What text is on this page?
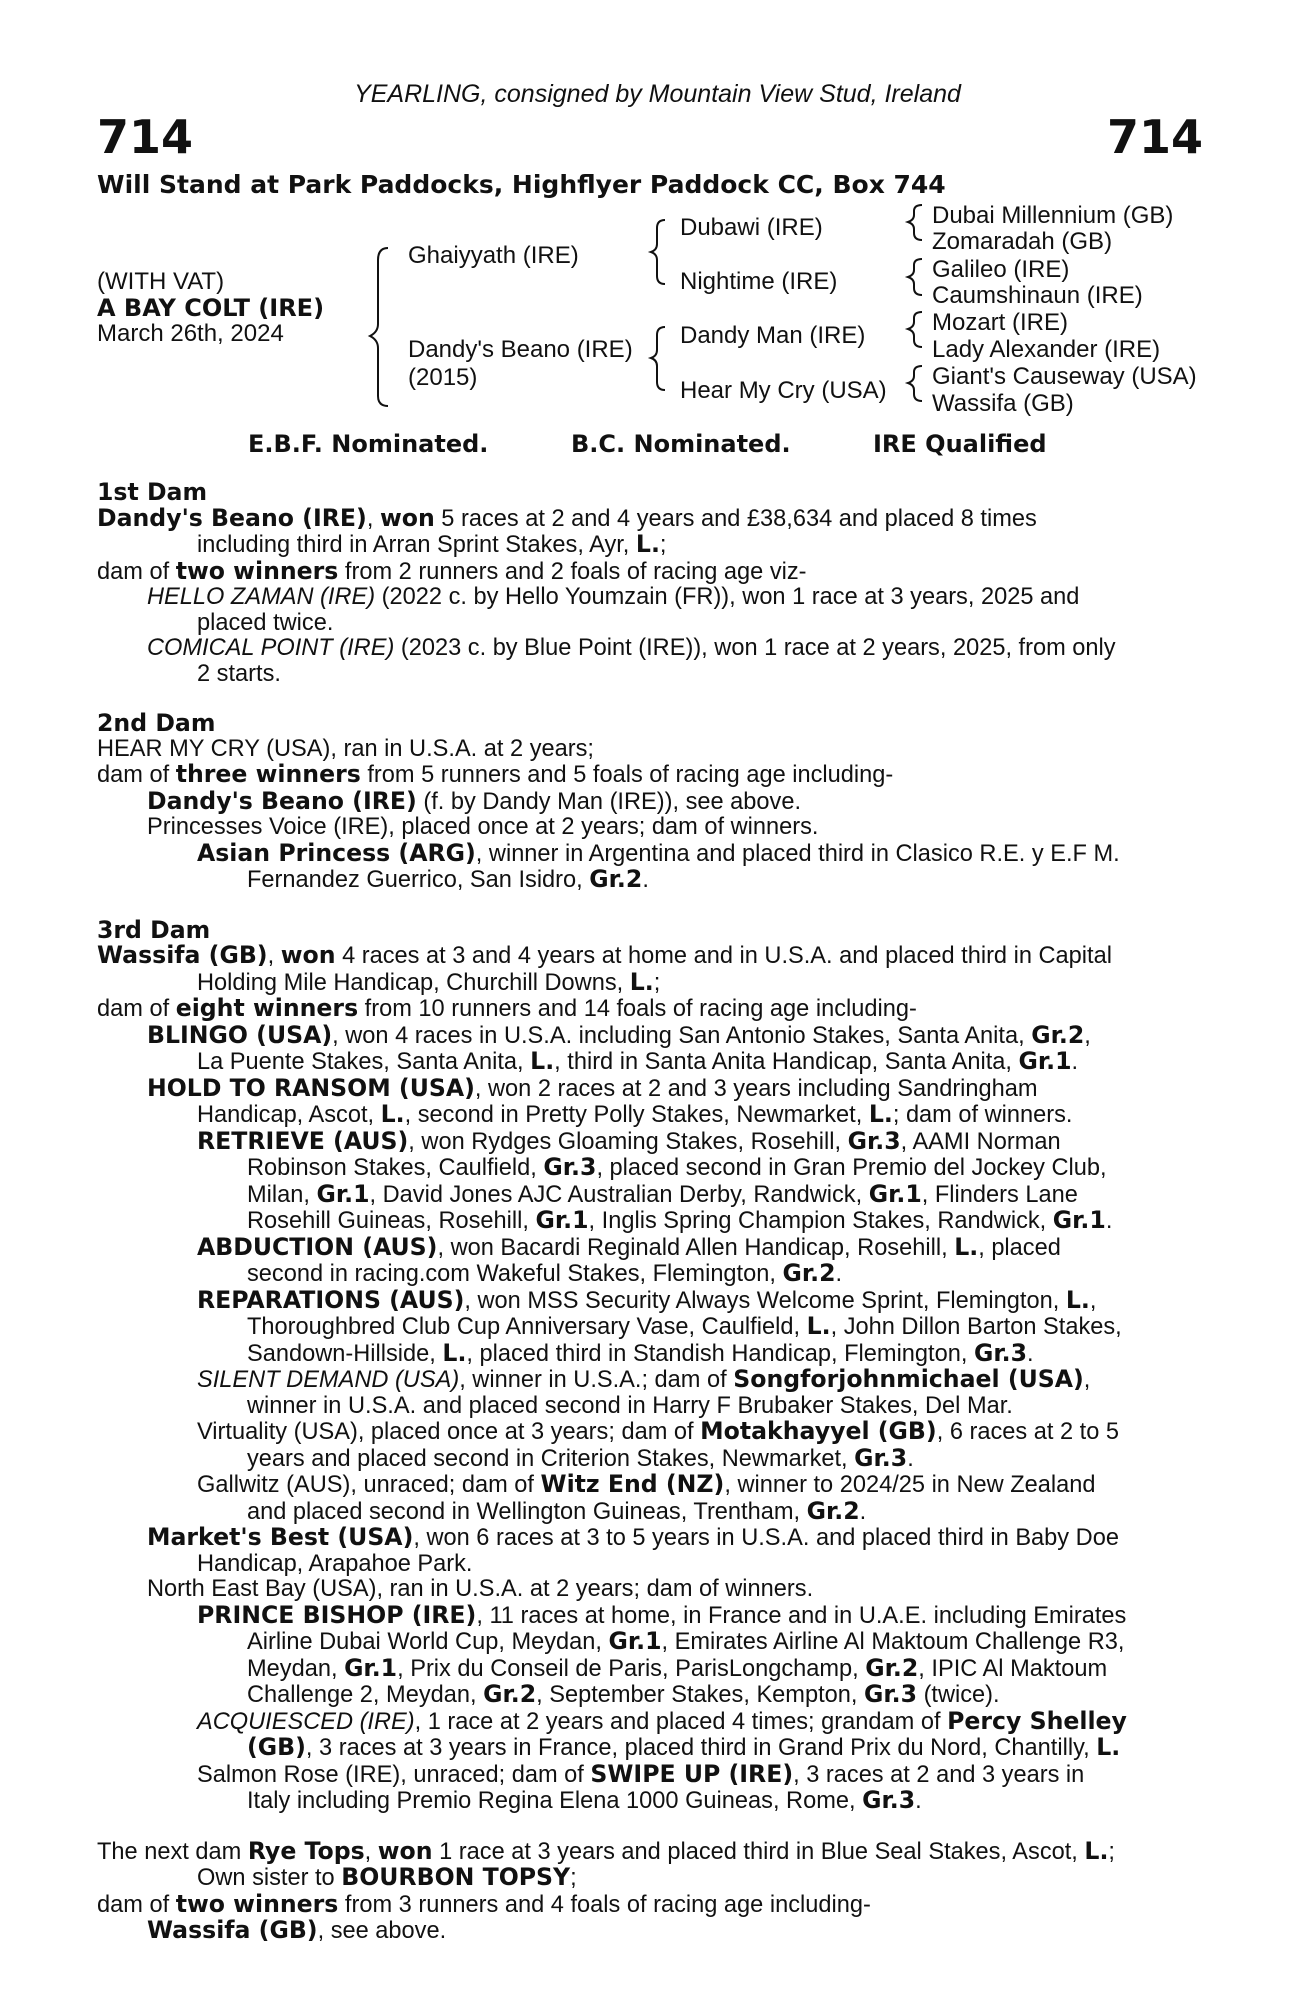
YEARLING, consigned by Mountain View Stud, Ireland
714	714
Will Stand at Park Paddocks, Highflyer Paddock CC, Box 744
(WITH VAT)
A BAY COLT (IRE)
March 26th, 2024
Ghaiyyath (IRE)
Dandy's Beano (IRE)
(2015)
Dubawi (IRE)
Nightime (IRE)
Dandy Man (IRE)
Hear My Cry (USA)
Dubai Millennium (GB)
Zomaradah (GB)
Galileo (IRE)
Caumshinaun (IRE)
Mozart (IRE)
Lady Alexander (IRE)
Giant's Causeway (USA)
Wassifa (GB)
E.B.F. Nominated.	B.C. Nominated.	IRE Qualified
1st Dam
Dandy's Beano (IRE), won 5 races at 2 and 4 years and £38,634 and placed 8 times
including third in Arran Sprint Stakes, Ayr, L.;
dam of two winners from 2 runners and 2 foals of racing age viz-
HELLO ZAMAN (IRE) (2022 c. by Hello Youmzain (FR)), won 1 race at 3 years, 2025 and
placed twice.
COMICAL POINT (IRE) (2023 c. by Blue Point (IRE)), won 1 race at 2 years, 2025, from only
2 starts.
2nd Dam
HEAR MY CRY (USA), ran in U.S.A. at 2 years;
dam of three winners from 5 runners and 5 foals of racing age including-
Dandy's Beano (IRE) (f. by Dandy Man (IRE)), see above.
Princesses Voice (IRE), placed once at 2 years; dam of winners.
Asian Princess (ARG), winner in Argentina and placed third in Clasico R.E. y E.F M.
Fernandez Guerrico, San Isidro, Gr.2.
3rd Dam
Wassifa (GB), won 4 races at 3 and 4 years at home and in U.S.A. and placed third in Capital
Holding Mile Handicap, Churchill Downs, L.;
dam of eight winners from 10 runners and 14 foals of racing age including-
BLINGO (USA), won 4 races in U.S.A. including San Antonio Stakes, Santa Anita, Gr.2,
La Puente Stakes, Santa Anita, L., third in Santa Anita Handicap, Santa Anita, Gr.1.
HOLD TO RANSOM (USA), won 2 races at 2 and 3 years including Sandringham
Handicap, Ascot, L., second in Pretty Polly Stakes, Newmarket, L.; dam of winners.
RETRIEVE (AUS), won Rydges Gloaming Stakes, Rosehill, Gr.3, AAMI Norman
Robinson Stakes, Caulfield, Gr.3, placed second in Gran Premio del Jockey Club,
Milan, Gr.1, David Jones AJC Australian Derby, Randwick, Gr.1, Flinders Lane
Rosehill Guineas, Rosehill, Gr.1, Inglis Spring Champion Stakes, Randwick, Gr.1.
ABDUCTION (AUS), won Bacardi Reginald Allen Handicap, Rosehill, L., placed
second in racing.com Wakeful Stakes, Flemington, Gr.2.
REPARATIONS (AUS), won MSS Security Always Welcome Sprint, Flemington, L.,
Thoroughbred Club Cup Anniversary Vase, Caulfield, L., John Dillon Barton Stakes,
Sandown-Hillside, L., placed third in Standish Handicap, Flemington, Gr.3.
SILENT DEMAND (USA), winner in U.S.A.; dam of Songforjohnmichael (USA),
winner in U.S.A. and placed second in Harry F Brubaker Stakes, Del Mar.
Virtuality (USA), placed once at 3 years; dam of Motakhayyel (GB), 6 races at 2 to 5
years and placed second in Criterion Stakes, Newmarket, Gr.3.
Gallwitz (AUS), unraced; dam of Witz End (NZ), winner to 2024/25 in New Zealand
and placed second in Wellington Guineas, Trentham, Gr.2.
Market's Best (USA), won 6 races at 3 to 5 years in U.S.A. and placed third in Baby Doe
Handicap, Arapahoe Park.
North East Bay (USA), ran in U.S.A. at 2 years; dam of winners.
PRINCE BISHOP (IRE), 11 races at home, in France and in U.A.E. including Emirates
Airline Dubai World Cup, Meydan, Gr.1, Emirates Airline Al Maktoum Challenge R3,
Meydan, Gr.1, Prix du Conseil de Paris, ParisLongchamp, Gr.2, IPIC Al Maktoum
Challenge 2, Meydan, Gr.2, September Stakes, Kempton, Gr.3 (twice).
ACQUIESCED (IRE), 1 race at 2 years and placed 4 times; grandam of Percy Shelley
(GB), 3 races at 3 years in France, placed third in Grand Prix du Nord, Chantilly, L.
Salmon Rose (IRE), unraced; dam of SWIPE UP (IRE), 3 races at 2 and 3 years in
Italy including Premio Regina Elena 1000 Guineas, Rome, Gr.3.
The next dam Rye Tops, won 1 race at 3 years and placed third in Blue Seal Stakes, Ascot, L.;
Own sister to BOURBON TOPSY;
dam of two winners from 3 runners and 4 foals of racing age including-
Wassifa (GB), see above.
